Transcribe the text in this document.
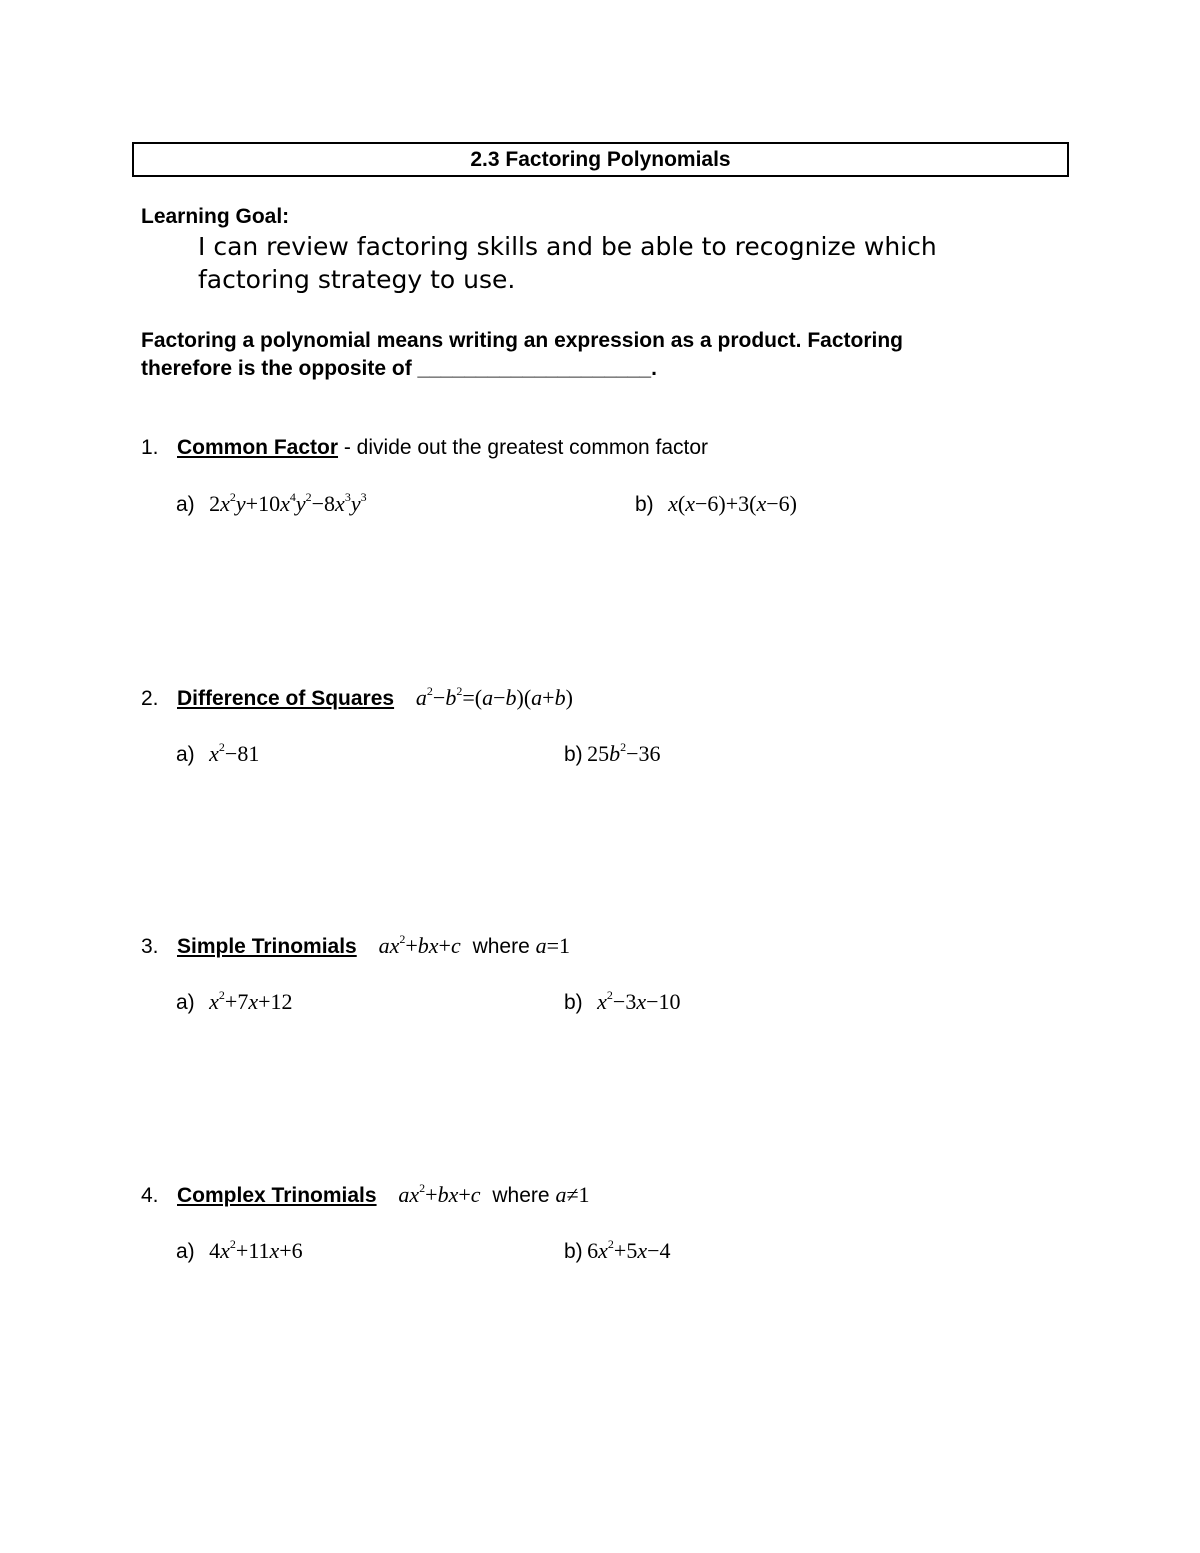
2.3 Factoring Polynomials
Learning Goal:
I can review factoring skills and be able to recognize which factoring strategy to use.
Factoring a polynomial means writing an expression as a product. Factoring
therefore is the opposite of ____________________.
1. Common Factor - divide out the greatest common factor
a) $2x^2y+10x^4y^2-8x^3y^3$	b) x(x−6)+3(x−6)
2. Difference of Squares $a^2-b^2=(a-b)(a+b)$
a) $x^2-81$	b) $25b^2-36$
3. Simple Trinomials $ax^2+bx+c$ where a=1
a) $x^2+7x+12$	b) $x^2-3x-10$
4. Complex Trinomials $ax^2+bx+c$ where a≠1
a) $4x^2+11x+6$	b) $6x^2+5x-4$
